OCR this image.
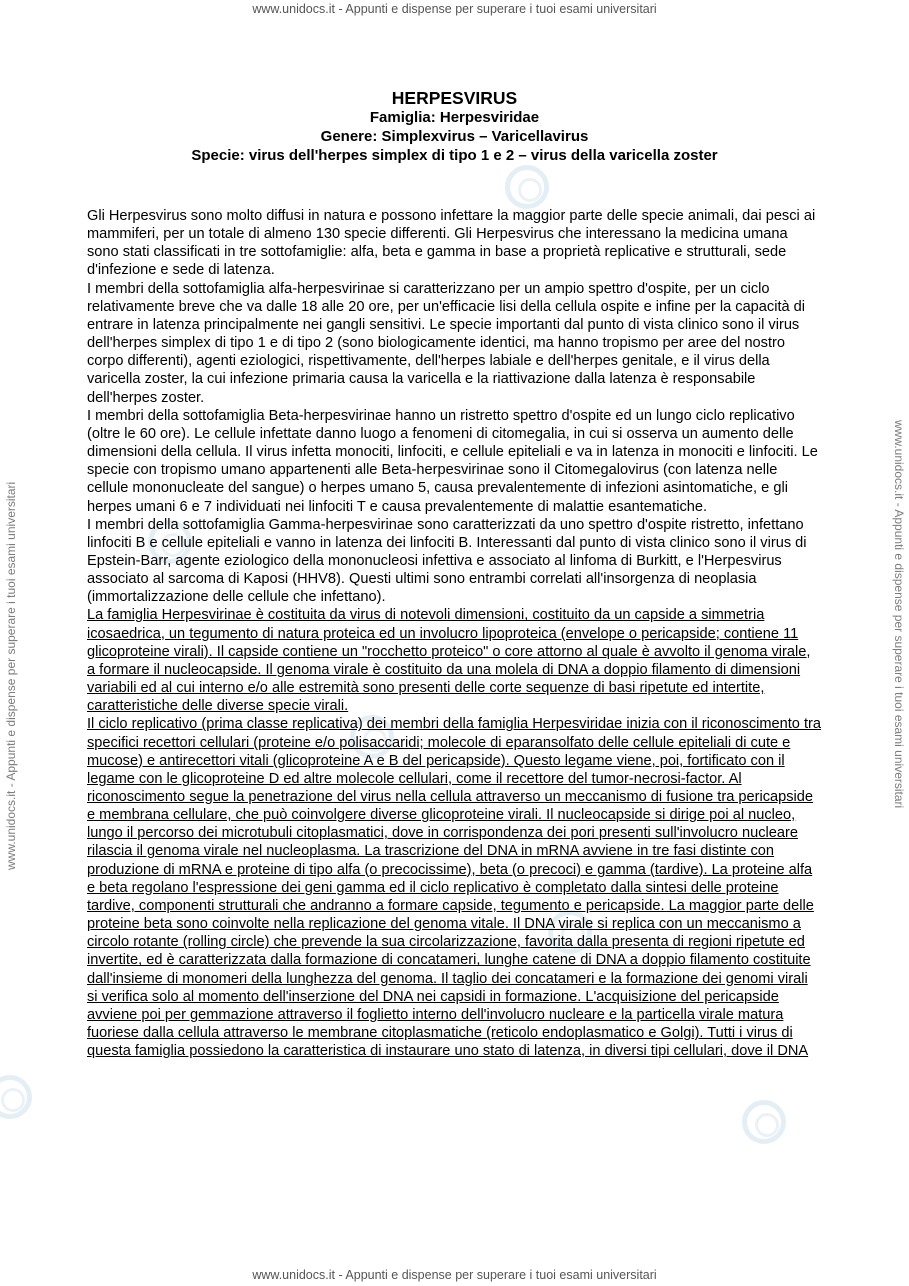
www.unidocs.it - Appunti e dispense per superare i tuoi esami universitari
www.unidocs.it - Appunti e dispense per superare i tuoi esami universitari	www.unidocs.it - Appunti e dispense per superare i tuoi esami universitari
HERPESVIRUS
Famiglia: Herpesviridae
Genere: Simplexvirus – Varicellavirus
Specie: virus dell'herpes simplex di tipo 1 e 2 – virus della varicella zoster

Gli Herpesvirus sono molto diffusi in natura e possono infettare la maggior parte delle specie animali, dai pesci ai mammiferi, per un totale di almeno 130 specie differenti. Gli Herpesvirus che interessano la medicina umana sono stati classificati in tre sottofamiglie: alfa, beta e gamma in base a proprietà replicative e strutturali, sede d'infezione e sede di latenza.

I membri della sottofamiglia alfa-herpesvirinae si caratterizzano per un ampio spettro d'ospite, per un ciclo relativamente breve che va dalle 18 alle 20 ore, per un'efficacie lisi della cellula ospite e infine per la capacità di entrare in latenza principalmente nei gangli sensitivi. Le specie importanti dal punto di vista clinico sono il virus dell'herpes simplex di tipo 1 e di tipo 2 (sono biologicamente identici, ma hanno tropismo per aree del nostro corpo differenti), agenti eziologici, rispettivamente, dell'herpes labiale e dell'herpes genitale, e il virus della varicella zoster, la cui infezione primaria causa la varicella e la riattivazione dalla latenza è responsabile dell'herpes zoster.

I membri della sottofamiglia Beta-herpesvirinae hanno un ristretto spettro d'ospite ed un lungo ciclo replicativo (oltre le 60 ore). Le cellule infettate danno luogo a fenomeni di citomegalia, in cui si osserva un aumento delle dimensioni della cellula. Il virus infetta monociti, linfociti, e cellule epiteliali e va in latenza in monociti e linfociti. Le specie con tropismo umano appartenenti alle Beta-herpesvirinae sono il Citomegalovirus (con latenza nelle cellule mononucleate del sangue) o herpes umano 5, causa prevalentemente di infezioni asintomatiche, e gli herpes umani 6 e 7 individuati nei linfociti T e causa prevalentemente di malattie esantematiche.

I membri della sottofamiglia Gamma-herpesvirinae sono caratterizzati da uno spettro d'ospite ristretto, infettano linfociti B e cellule epiteliali e vanno in latenza dei linfociti B. Interessanti dal punto di vista clinico sono il virus di Epstein-Barr, agente eziologico della mononucleosi infettiva e associato al linfoma di Burkitt, e l'Herpesvirus associato al sarcoma di Kaposi (HHV8). Questi ultimi sono entrambi correlati all'insorgenza di neoplasia (immortalizzazione delle cellule che infettano).

La famiglia Herpesvirinae è costituita da virus di notevoli dimensioni, costituito da un capside a simmetria icosaedrica, un tegumento di natura proteica ed un involucro lipoproteica (envelope o pericapside; contiene 11 glicoproteine virali). Il capside contiene un "rocchetto proteico" o core attorno al quale è avvolto il genoma virale, a formare il nucleocapside. Il genoma virale è costituito da una molela di DNA a doppio filamento di dimensioni variabili ed al cui interno e/o alle estremità sono presenti delle corte sequenze di basi ripetute ed intertite, caratteristiche delle diverse specie virali.

Il ciclo replicativo (prima classe replicativa) dei membri della famiglia Herpesviridae inizia con il riconoscimento tra specifici recettori cellulari (proteine e/o polisaccaridi; molecole di eparansolfato delle cellule epiteliali di cute e mucose) e antirecettori vitali (glicoproteine A e B del pericapside). Questo legame viene, poi, fortificato con il legame con le glicoproteine D ed altre molecole cellulari, come il recettore del tumor-necrosi-factor. Al riconoscimento segue la penetrazione del virus nella cellula attraverso un meccanismo di fusione tra pericapside e membrana cellulare, che può coinvolgere diverse glicoproteine virali. Il nucleocapside si dirige poi al nucleo, lungo il percorso dei microtubuli citoplasmatici, dove in corrispondenza dei pori presenti sull'involucro nucleare rilascia il genoma virale nel nucleoplasma. La trascrizione del DNA in mRNA avviene in tre fasi distinte con produzione di mRNA e proteine di tipo alfa (o precocissime), beta (o precoci) e gamma (tardive). La proteine alfa e beta regolano l'espressione dei geni gamma ed il ciclo replicativo è completato dalla sintesi delle proteine tardive, componenti strutturali che andranno a formare capside, tegumento e pericapside. La maggior parte delle proteine beta sono coinvolte nella replicazione del genoma vitale. Il DNA virale si replica con un meccanismo a circolo rotante (rolling circle) che prevende la sua circolarizzazione, favorita dalla presenta di regioni ripetute ed invertite, ed è caratterizzata dalla formazione di concatameri, lunghe catene di DNA a doppio filamento costituite dall'insieme di monomeri della lunghezza del genoma. Il taglio dei concatameri e la formazione dei genomi virali si verifica solo al momento dell'inserzione del DNA nei capsidi in formazione. L'acquisizione del pericapside avviene poi per gemmazione attraverso il foglietto interno dell'involucro nucleare e la particella virale matura fuoriese dalla cellula attraverso le membrane citoplasmatiche (reticolo endoplasmatico e Golgi). Tutti i virus di questa famiglia possiedono la caratteristica di instaurare uno stato di latenza, in diversi tipi cellulari, dove il DNA

www.unidocs.it - Appunti e dispense per superare i tuoi esami universitari
